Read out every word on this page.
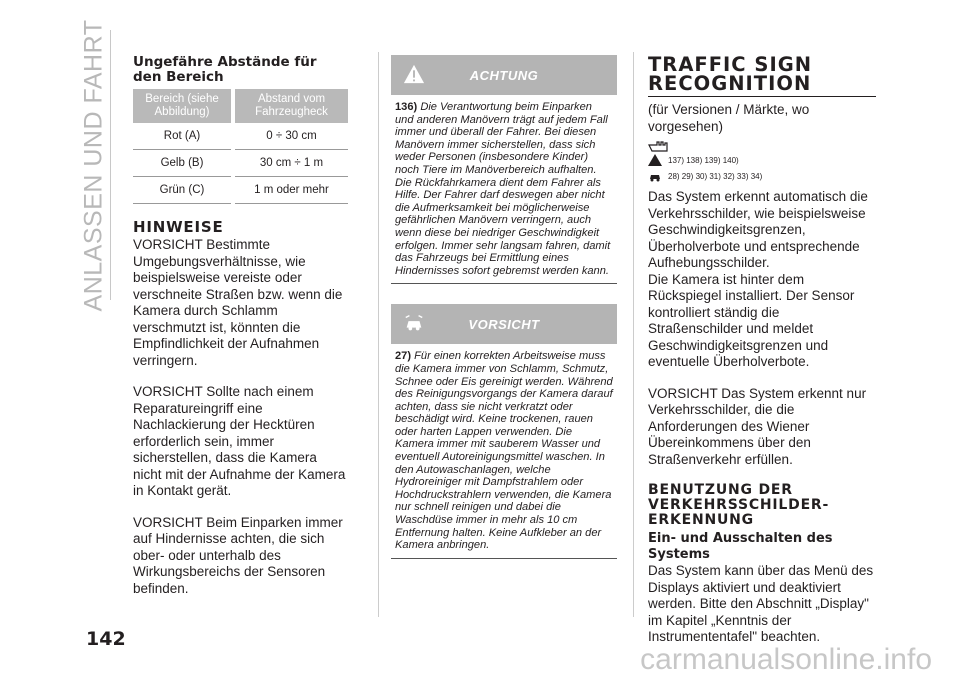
ANLASSEN UND FAHRT Ungefähre Abstände für den Bereich
Bereich (siehe Abbildung)	Abstand vom Fahrzeugheck
Rot (A)	0 ÷ 30 cm
Gelb (B)	30 cm ÷ 1 m
Grün (C)	1 m oder mehr
HINWEISE

VORSICHT Bestimmte Umgebungsverhältnisse, wie beispielsweise vereiste oder verschneite Straßen bzw. wenn die Kamera durch Schlamm verschmutzt ist, könnten die Empfindlichkeit der Aufnahmen verringern.

VORSICHT Sollte nach einem Reparatureingriff eine Nachlackierung der Hecktüren erforderlich sein, immer sicherstellen, dass die Kamera nicht mit der Aufnahme der Kamera in Kontakt gerät.

VORSICHT Beim Einparken immer auf Hindernisse achten, die sich ober- oder unterhalb des Wirkungsbereichs der Sensoren befinden.

ACHTUNG
136) Die Verantwortung beim Einparken und anderen Manövern trägt auf jedem Fall immer und überall der Fahrer. Bei diesen Manövern immer sicherstellen, dass sich weder Personen (insbesondere Kinder) noch Tiere im Manöverbereich aufhalten. Die Rückfahrkamera dient dem Fahrer als Hilfe. Der Fahrer darf deswegen aber nicht die Aufmerksamkeit bei möglicherweise gefährlichen Manövern verringern, auch wenn diese bei niedriger Geschwindigkeit erfolgen. Immer sehr langsam fahren, damit das Fahrzeugs bei Ermittlung eines Hindernisses sofort gebremst werden kann.
VORSICHT
27) Für einen korrekten Arbeitsweise muss die Kamera immer von Schlamm, Schmutz, Schnee oder Eis gereinigt werden. Während des Reinigungsvorgangs der Kamera darauf achten, dass sie nicht verkratzt oder beschädigt wird. Keine trockenen, rauen oder harten Lappen verwenden. Die Kamera immer mit sauberem Wasser und eventuell Autoreinigungsmittel waschen. In den Autowaschanlagen, welche Hydroreiniger mit Dampfstrahlem oder Hochdruckstrahlern verwenden, die Kamera nur schnell reinigen und dabei die Waschdüse immer in mehr als 10 cm Entfernung halten. Keine Aufkleber an der Kamera anbringen.
TRAFFIC SIGN RECOGNITION
(für Versionen / Märkte, wo vorgesehen)
137) 138) 139) 140)
28) 29) 30) 31) 32) 33) 34)

Das System erkennt automatisch die Verkehrsschilder, wie beispielsweise Geschwindigkeitsgrenzen, Überholverbote und entsprechende Aufhebungsschilder.

Die Kamera ist hinter dem Rückspiegel installiert. Der Sensor kontrolliert ständig die Straßenschilder und meldet Geschwindigkeitsgrenzen und eventuelle Überholverbote.

VORSICHT Das System erkennt nur Verkehrsschilder, die die Anforderungen des Wiener Übereinkommens über den Straßenverkehr erfüllen.

BENUTZUNG DER VERKEHRSSCHILDER-ERKENNUNG
Ein- und Ausschalten des Systems
Das System kann über das Menü des Displays aktiviert und deaktiviert werden. Bitte den Abschnitt „Display" im Kapitel „Kenntnis der Instrumententafel" beachten.
142
carmanualsonline.info
